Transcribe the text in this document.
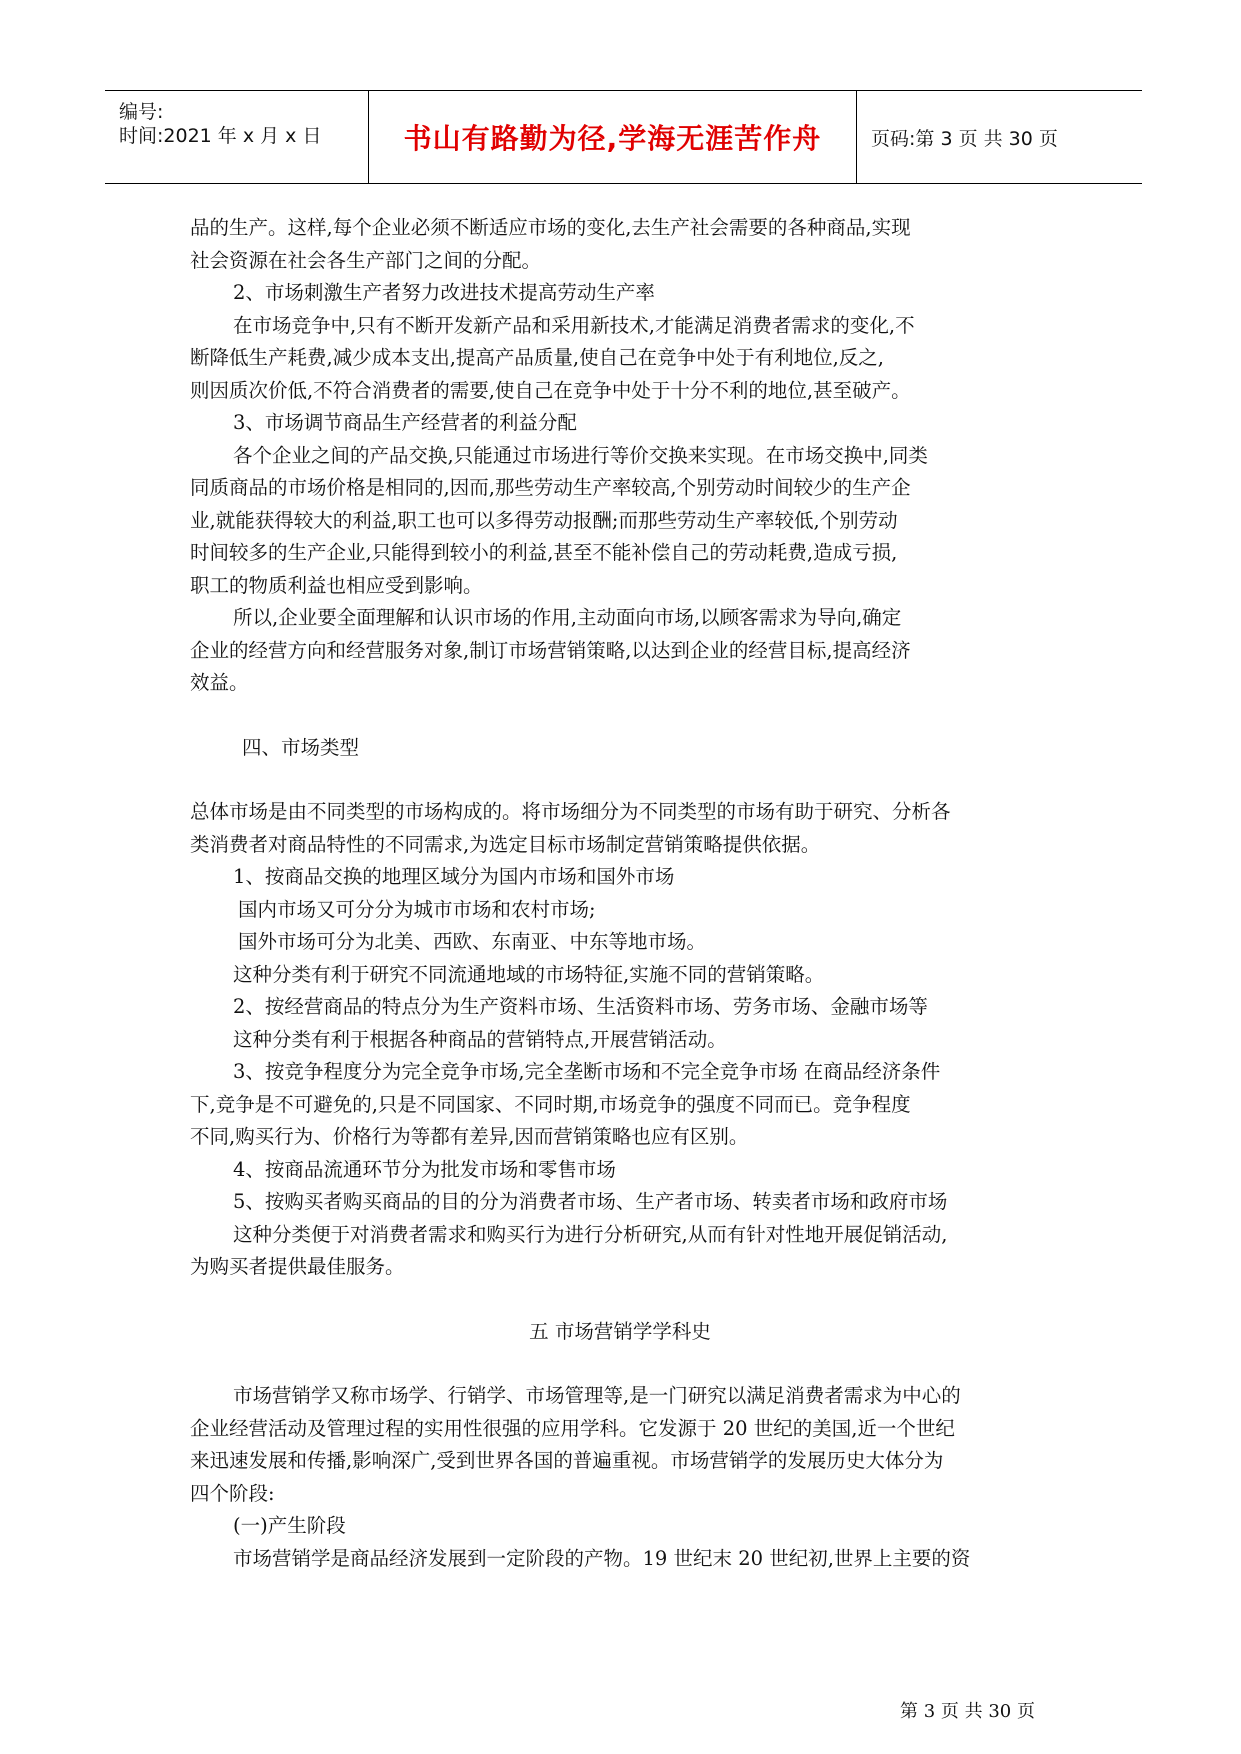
编号:
时间:2021 年 x 月 x 日	书山有路勤为径,学海无涯苦作舟	页码:第 3 页 共 30 页
品的生产。这样,每个企业必须不断适应市场的变化,去生产社会需要的各种商品,实现
社会资源在社会各生产部门之间的分配。
2、市场刺激生产者努力改进技术提高劳动生产率
在市场竞争中,只有不断开发新产品和采用新技术,才能满足消费者需求的变化,不
断降低生产耗费,减少成本支出,提高产品质量,使自己在竞争中处于有利地位,反之,
则因质次价低,不符合消费者的需要,使自己在竞争中处于十分不利的地位,甚至破产。
3、市场调节商品生产经营者的利益分配
各个企业之间的产品交换,只能通过市场进行等价交换来实现。在市场交换中,同类
同质商品的市场价格是相同的,因而,那些劳动生产率较高,个别劳动时间较少的生产企
业,就能获得较大的利益,职工也可以多得劳动报酬;而那些劳动生产率较低,个别劳动
时间较多的生产企业,只能得到较小的利益,甚至不能补偿自己的劳动耗费,造成亏损,
职工的物质利益也相应受到影响。
所以,企业要全面理解和认识市场的作用,主动面向市场,以顾客需求为导向,确定
企业的经营方向和经营服务对象,制订市场营销策略,以达到企业的经营目标,提高经济
效益。
四、市场类型
总体市场是由不同类型的市场构成的。将市场细分为不同类型的市场有助于研究、分析各
类消费者对商品特性的不同需求,为选定目标市场制定营销策略提供依据。
1、按商品交换的地理区域分为国内市场和国外市场
国内市场又可分分为城市市场和农村市场;
国外市场可分为北美、西欧、东南亚、中东等地市场。
这种分类有利于研究不同流通地域的市场特征,实施不同的营销策略。
2、按经营商品的特点分为生产资料市场、生活资料市场、劳务市场、金融市场等
这种分类有利于根据各种商品的营销特点,开展营销活动。
3、按竞争程度分为完全竞争市场,完全垄断市场和不完全竞争市场 在商品经济条件
下,竞争是不可避免的,只是不同国家、不同时期,市场竞争的强度不同而已。竞争程度
不同,购买行为、价格行为等都有差异,因而营销策略也应有区别。
4、按商品流通环节分为批发市场和零售市场
5、按购买者购买商品的目的分为消费者市场、生产者市场、转卖者市场和政府市场
这种分类便于对消费者需求和购买行为进行分析研究,从而有针对性地开展促销活动,
为购买者提供最佳服务。
五 市场营销学学科史
市场营销学又称市场学、行销学、市场管理等,是一门研究以满足消费者需求为中心的
企业经营活动及管理过程的实用性很强的应用学科。它发源于 20 世纪的美国,近一个世纪
来迅速发展和传播,影响深广,受到世界各国的普遍重视。市场营销学的发展历史大体分为
四个阶段:
(一)产生阶段
市场营销学是商品经济发展到一定阶段的产物。19 世纪末 20 世纪初,世界上主要的资
第 3 页 共 30 页
